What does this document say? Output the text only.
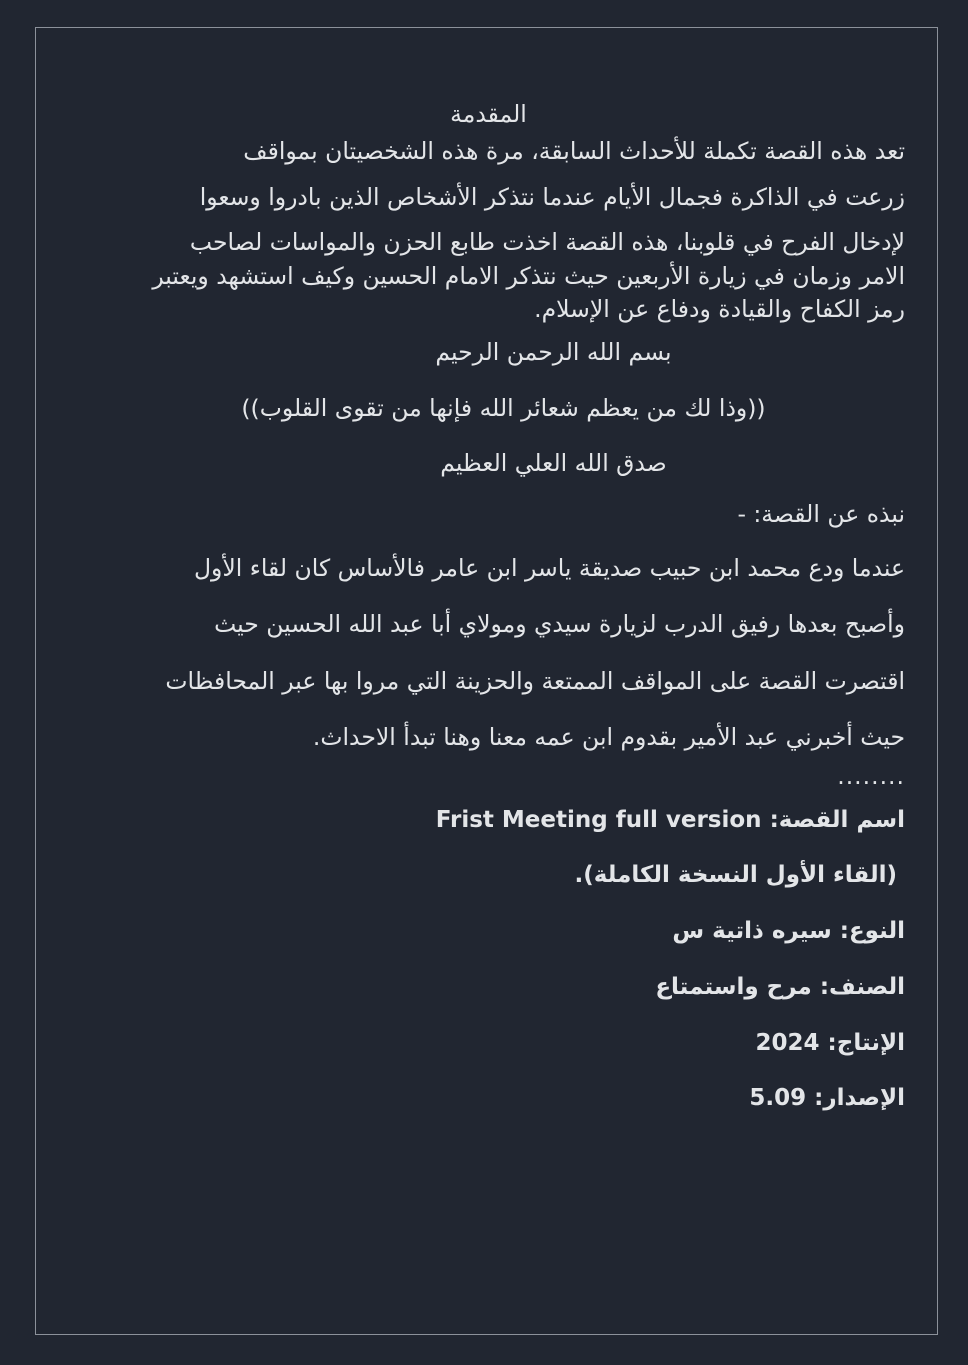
المقدمة
تعد هذه القصة تكملة للأحداث السابقة، مرة هذه الشخصيتان بمواقف
زرعت في الذاكرة فجمال الأيام عندما نتذكر الأشخاص الذين بادروا وسعوا
لإدخال الفرح في قلوبنا، هذه القصة اخذت طابع الحزن والمواسات لصاحب
الامر وزمان في زيارة الأربعين حيث نتذكر الامام الحسين وكيف استشهد ويعتبر
رمز الكفاح والقيادة ودفاع عن الإسلام.
بسم الله الرحمن الرحيم
((وذا لك من يعظم شعائر الله فإنها من تقوى القلوب))
صدق الله العلي العظيم
نبذه عن القصة: -
عندما ودع محمد ابن حبيب صديقة ياسر ابن عامر فالأساس كان لقاء الأول
وأصبح بعدها رفيق الدرب لزيارة سيدي ومولاي أبا عبد الله الحسين حيث
اقتصرت القصة على المواقف الممتعة والحزينة التي مروا بها عبر المحافظات
حيث أخبرني عبد الأمير بقدوم ابن عمه معنا وهنا تبدأ الاحداث.
........
اسم القصة: Frist Meeting full version
(القاء الأول النسخة الكاملة).
النوع: سيره ذاتية س
الصنف: مرح واستمتاع
الإنتاج: 2024
الإصدار: 5.09
